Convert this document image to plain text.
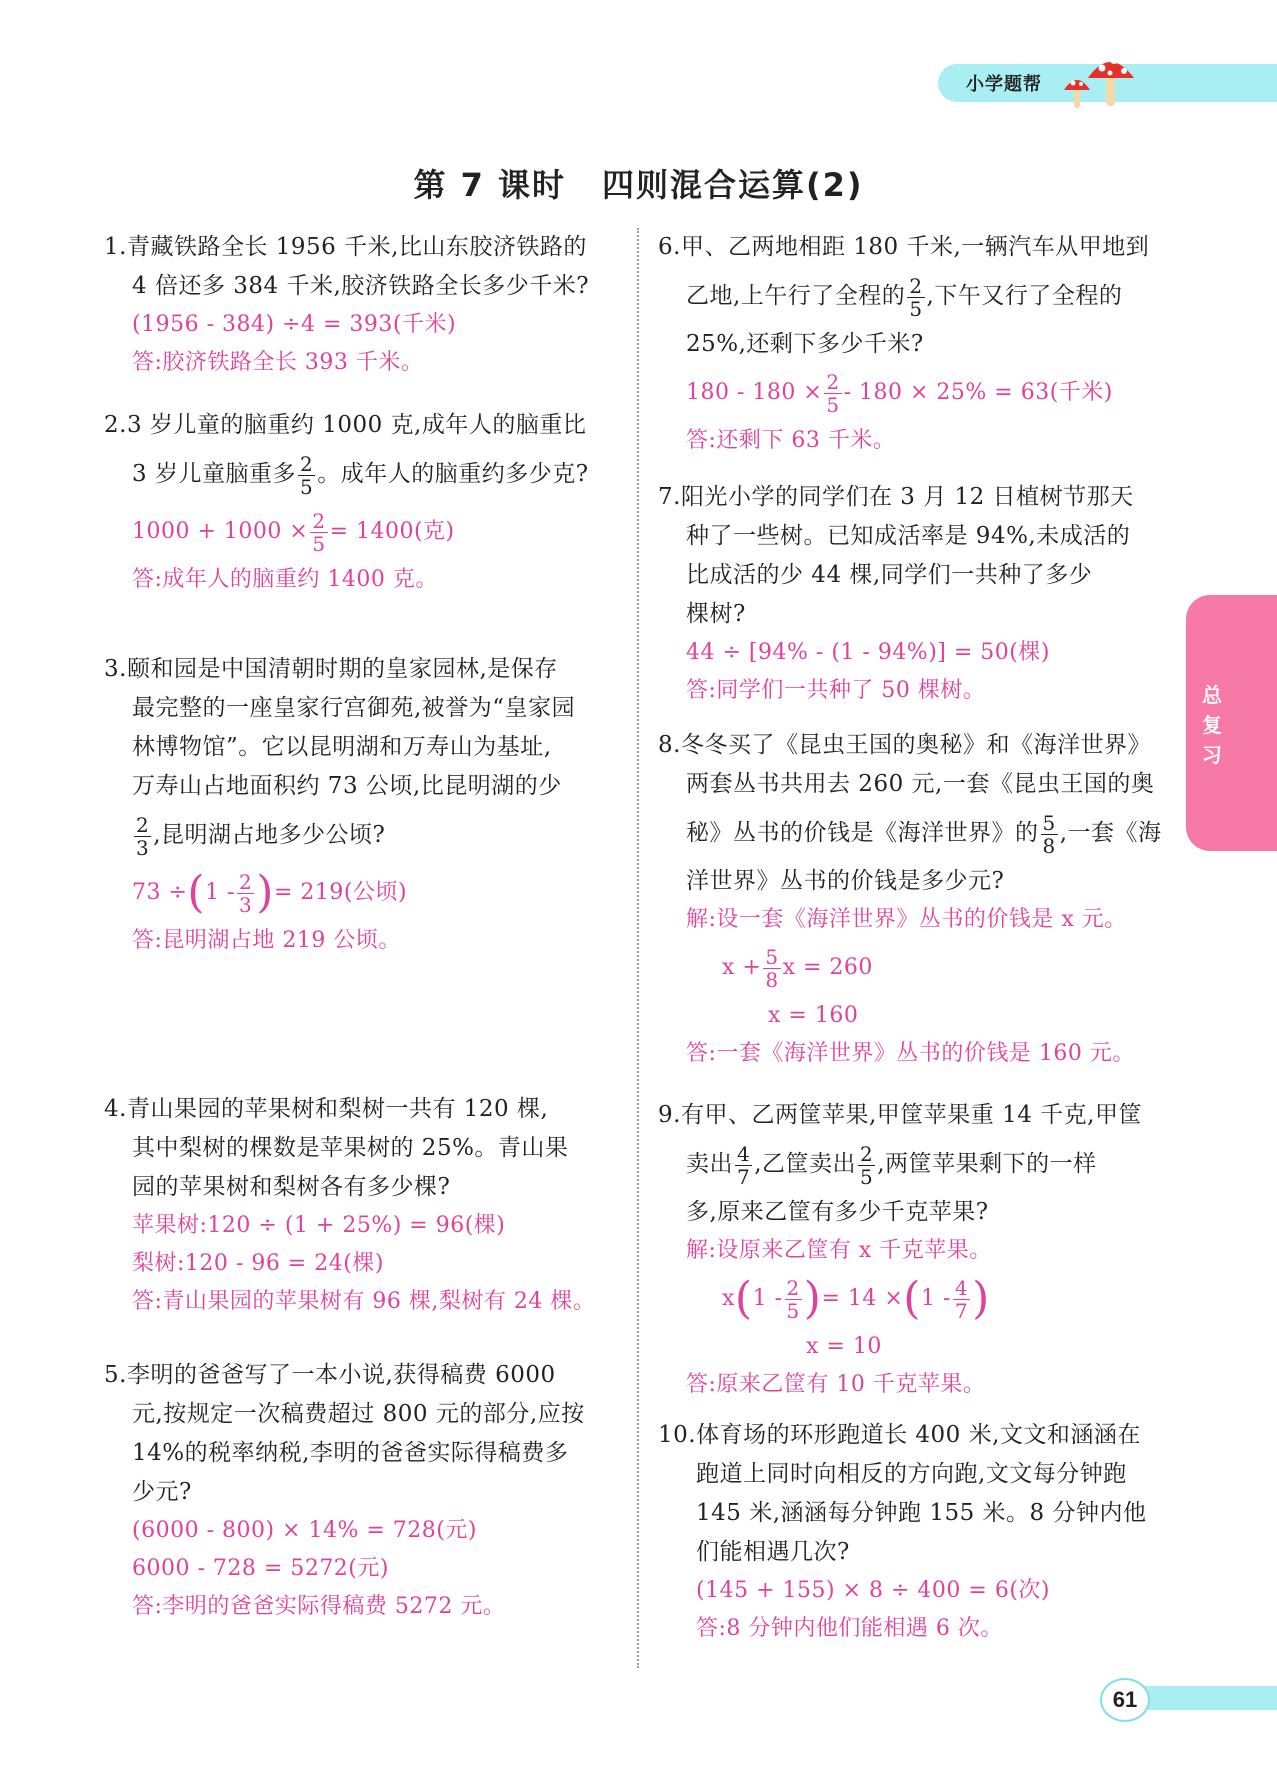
小学题帮
第 7 课时 四则混合运算(2)

1.青藏铁路全长 1956 千米,比山东胶济铁路的

4 倍还多 384 千米,胶济铁路全长多少千米?

(1956 - 384) ÷4 = 393(千米)

答:胶济铁路全长 393 千米。

2.3 岁儿童的脑重约 1000 克,成年人的脑重比

3 岁儿童脑重多 $\frac{2}{5}$ 。成年人的脑重约多少克?

$1000 + 1000 \times \frac{2}{5} = 1400$(克)

答:成年人的脑重约 1400 克。

3.颐和园是中国清朝时期的皇家园林,是保存

最完整的一座皇家行宫御苑,被誉为“皇家园

林博物馆”。它以昆明湖和万寿山为基址,

万寿山占地面积约 73 公顷,比昆明湖的少

$\frac{2}{3}$ ,昆明湖占地多少公顷?

$73 \div(1 - \frac{2}{3}$ )= 219(公顷)

答:昆明湖占地 219 公顷。

4.青山果园的苹果树和梨树一共有 120 棵,

其中梨树的棵数是苹果树的 25%。青山果

园的苹果树和梨树各有多少棵?

苹果树:120 ÷ (1 + 25%) = 96(棵)

梨树:120 - 96 = 24(棵)

答:青山果园的苹果树有 96 棵,梨树有 24 棵。

5.李明的爸爸写了一本小说,获得稿费 6000

元,按规定一次稿费超过 800 元的部分,应按

14%的税率纳税,李明的爸爸实际得稿费多

少元?

(6000 - 800) × 14% = 728(元)

6000 - 728 = 5272(元)

答:李明的爸爸实际得稿费 5272 元。

6.甲、乙两地相距 180 千米,一辆汽车从甲地到

乙地,上午行了全程的 $\frac{2}{5}$ ,下午又行了全程的

25%,还剩下多少千米?

$180 - 180 \times \frac{2}{5} - 180 \times 25\% = 63$(千米)

答:还剩下 63 千米。

7.阳光小学的同学们在 3 月 12 日植树节那天

种了一些树。已知成活率是 94%,未成活的

比成活的少 44 棵,同学们一共种了多少

棵树?

44 ÷ [94% - (1 - 94%)] = 50(棵)

答:同学们一共种了 50 棵树。

8.冬冬买了《昆虫王国的奥秘》和《海洋世界》

两套丛书共用去 260 元,一套《昆虫王国的奥

秘》丛书的价钱是《海洋世界》的 $\frac{5}{8}$ ,一套《海

洋世界》丛书的价钱是多少元?

解:设一套《海洋世界》丛书的价钱是 x 元。

$x + \frac{5}{8}$ x = 260

x = 160

答:一套《海洋世界》丛书的价钱是 160 元。

9.有甲、乙两筐苹果,甲筐苹果重 14 千克,甲筐

卖出 $\frac{4}{7}$ ,乙筐卖出 $\frac{2}{5}$ ,两筐苹果剩下的一样

多,原来乙筐有多少千克苹果?

解:设原来乙筐有 x 千克苹果。

$x(1 - \frac{2}{5}$ )= $14 \times(1 - \frac{4}{7}$ )

x = 10

答:原来乙筐有 10 千克苹果。

10.体育场的环形跑道长 400 米,文文和涵涵在

跑道上同时向相反的方向跑,文文每分钟跑

145 米,涵涵每分钟跑 155 米。8 分钟内他

们能相遇几次?

(145 + 155) × 8 ÷ 400 = 6(次)

答:8 分钟内他们能相遇 6 次。

总复习
61
